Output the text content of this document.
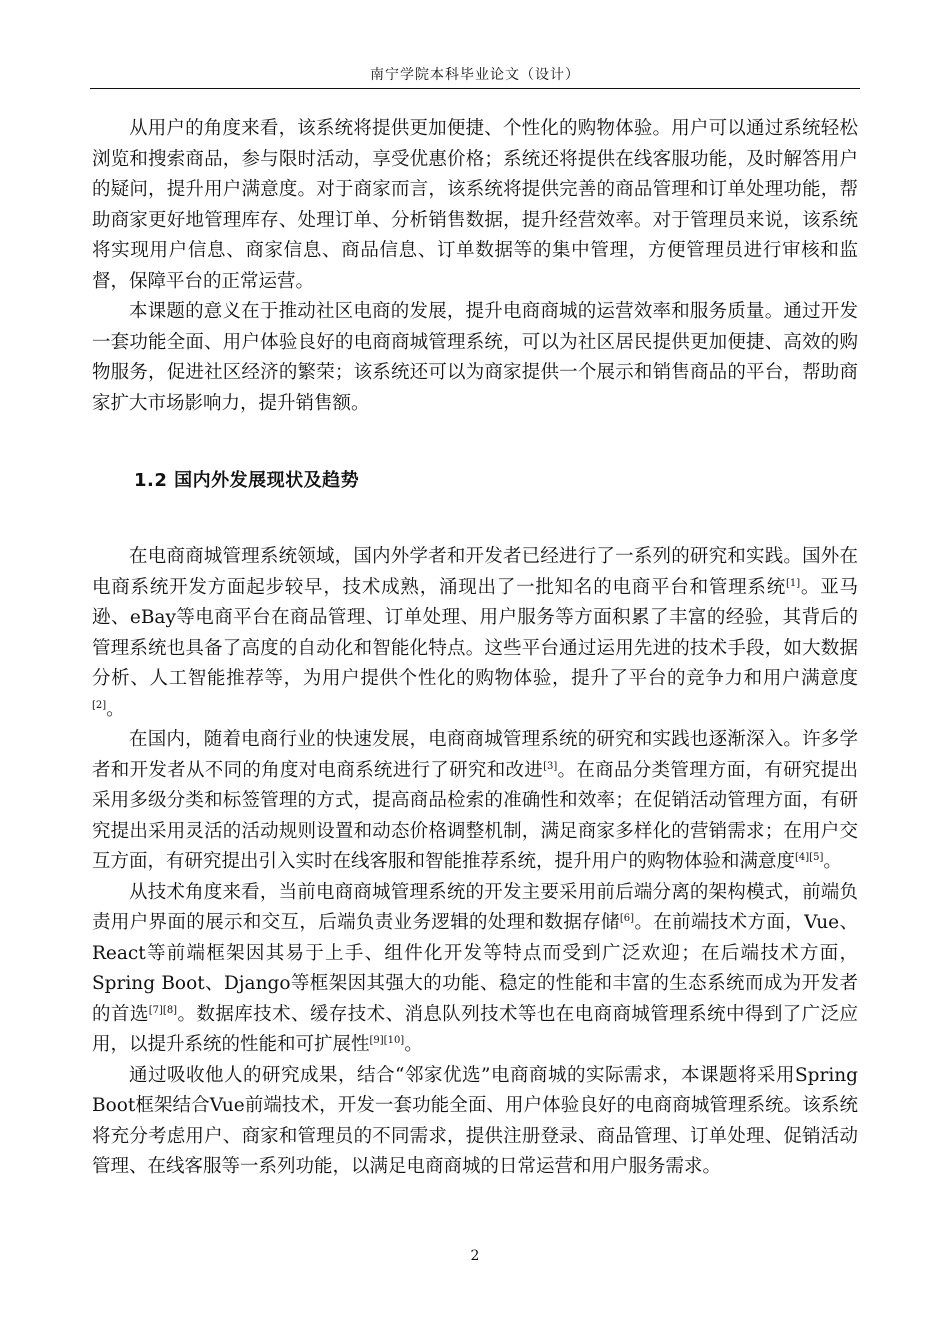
南宁学院本科毕业论文（设计）

从用户的角度来看，该系统将提供更加便捷、个性化的购物体验。用户可以通过系统轻松浏览和搜索商品，参与限时活动，享受优惠价格；系统还将提供在线客服功能，及时解答用户的疑问，提升用户满意度。对于商家而言，该系统将提供完善的商品管理和订单处理功能，帮助商家更好地管理库存、处理订单、分析销售数据，提升经营效率。对于管理员来说，该系统将实现用户信息、商家信息、商品信息、订单数据等的集中管理，方便管理员进行审核和监督，保障平台的正常运营。

本课题的意义在于推动社区电商的发展，提升电商商城的运营效率和服务质量。通过开发一套功能全面、用户体验良好的电商商城管理系统，可以为社区居民提供更加便捷、高效的购物服务，促进社区经济的繁荣；该系统还可以为商家提供一个展示和销售商品的平台，帮助商家扩大市场影响力，提升销售额。

1.2 国内外发展现状及趋势

在电商商城管理系统领域，国内外学者和开发者已经进行了一系列的研究和实践。国外在电商系统开发方面起步较早，技术成熟，涌现出了一批知名的电商平台和管理系统[1]。亚马逊、eBay等电商平台在商品管理、订单处理、用户服务等方面积累了丰富的经验，其背后的管理系统也具备了高度的自动化和智能化特点。这些平台通过运用先进的技术手段，如大数据分析、人工智能推荐等，为用户提供个性化的购物体验，提升了平台的竞争力和用户满意度[2]。

在国内，随着电商行业的快速发展，电商商城管理系统的研究和实践也逐渐深入。许多学者和开发者从不同的角度对电商系统进行了研究和改进[3]。在商品分类管理方面，有研究提出采用多级分类和标签管理的方式，提高商品检索的准确性和效率；在促销活动管理方面，有研究提出采用灵活的活动规则设置和动态价格调整机制，满足商家多样化的营销需求；在用户交互方面，有研究提出引入实时在线客服和智能推荐系统，提升用户的购物体验和满意度[4][5]。

从技术角度来看，当前电商商城管理系统的开发主要采用前后端分离的架构模式，前端负责用户界面的展示和交互，后端负责业务逻辑的处理和数据存储[6]。在前端技术方面，Vue、React等前端框架因其易于上手、组件化开发等特点而受到广泛欢迎；在后端技术方面，Spring Boot、Django等框架因其强大的功能、稳定的性能和丰富的生态系统而成为开发者的首选[7][8]。数据库技术、缓存技术、消息队列技术等也在电商商城管理系统中得到了广泛应用，以提升系统的性能和可扩展性[9][10]。

通过吸收他人的研究成果，结合“邻家优选”电商商城的实际需求，本课题将采用Spring Boot框架结合Vue前端技术，开发一套功能全面、用户体验良好的电商商城管理系统。该系统将充分考虑用户、商家和管理员的不同需求，提供注册登录、商品管理、订单处理、促销活动管理、在线客服等一系列功能，以满足电商商城的日常运营和用户服务需求。

2
